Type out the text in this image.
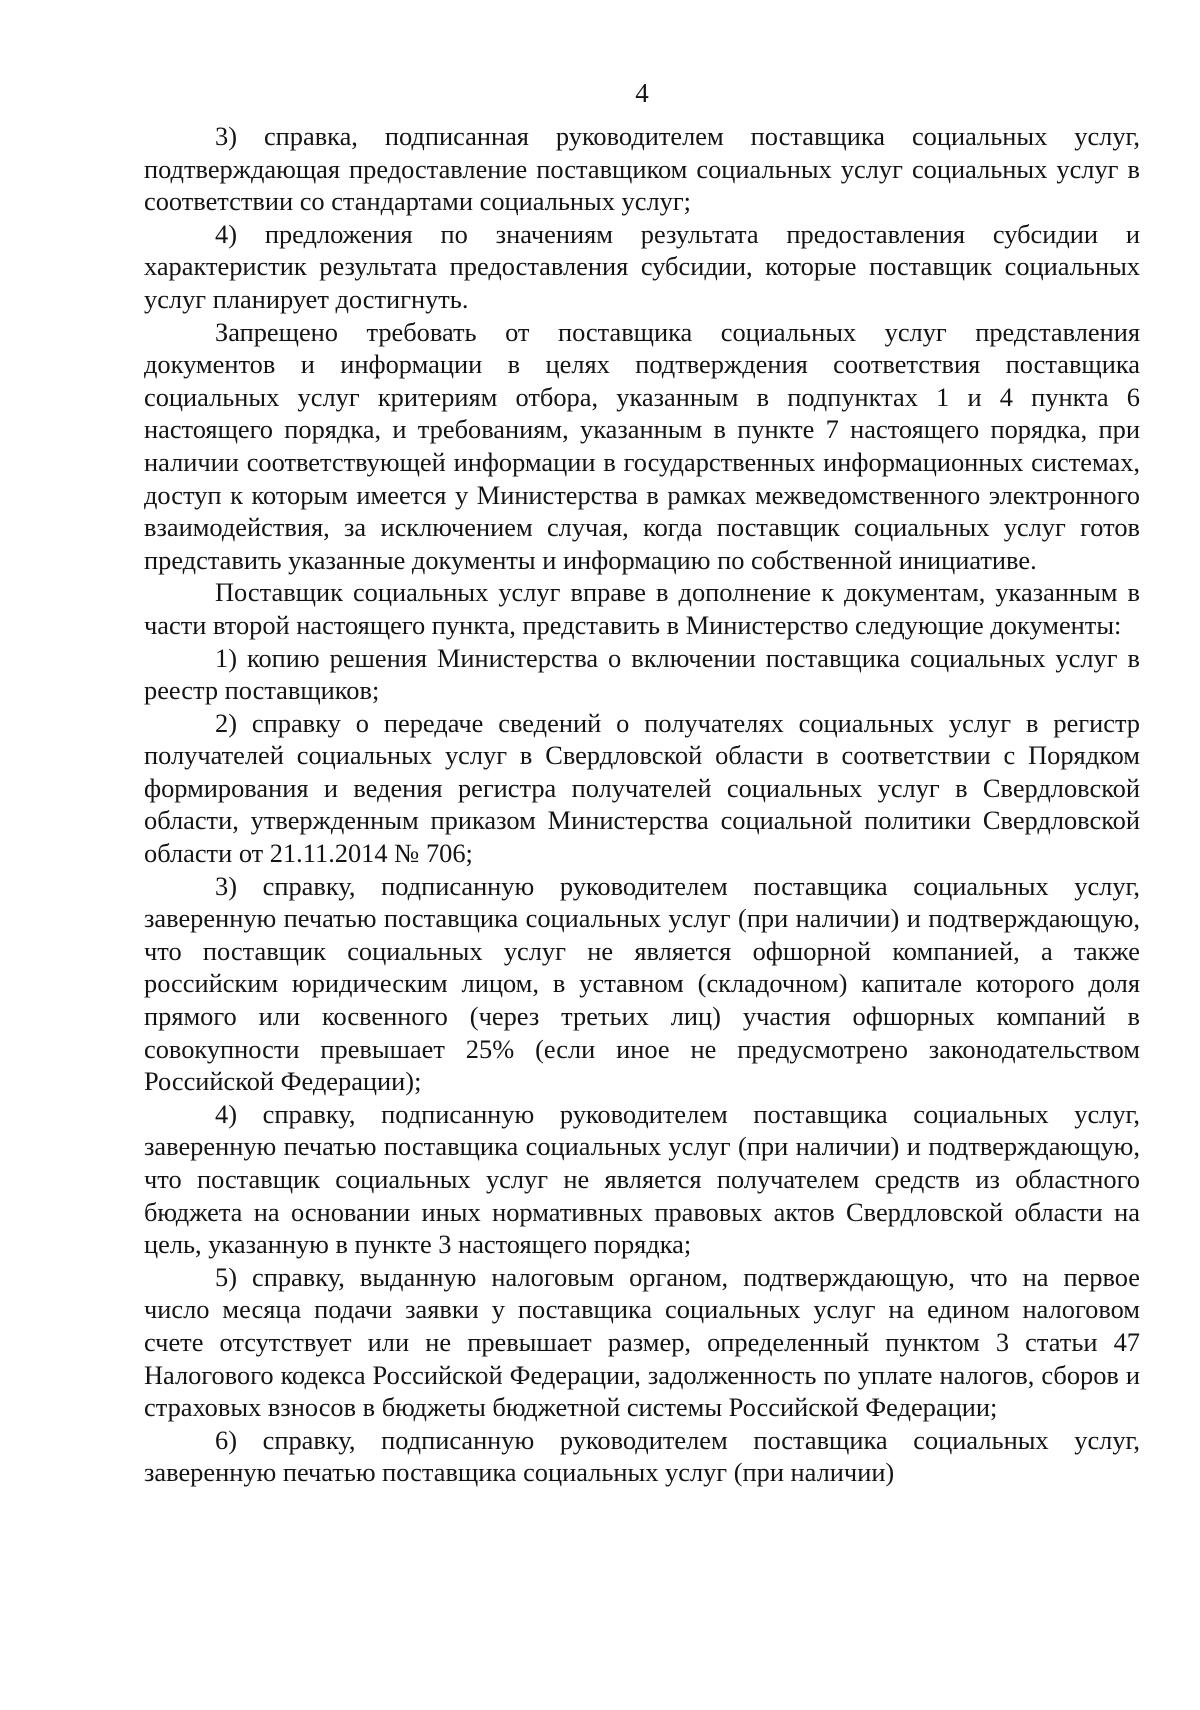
4

3) справка, подписанная руководителем поставщика социальных услуг, подтверждающая предоставление поставщиком социальных услуг социальных услуг в соответствии со стандартами социальных услуг;

4) предложения по значениям результата предоставления субсидии и характеристик результата предоставления субсидии, которые поставщик социальных услуг планирует достигнуть.

Запрещено требовать от поставщика социальных услуг представления документов и информации в целях подтверждения соответствия поставщика социальных услуг критериям отбора, указанным в подпунктах 1 и 4 пункта 6 настоящего порядка, и требованиям, указанным в пункте 7 настоящего порядка, при наличии соответствующей информации в государственных информационных системах, доступ к которым имеется у Министерства в рамках межведомственного электронного взаимодействия, за исключением случая, когда поставщик социальных услуг готов представить указанные документы и информацию по собственной инициативе.

Поставщик социальных услуг вправе в дополнение к документам, указанным в части второй настоящего пункта, представить в Министерство следующие документы:

1) копию решения Министерства о включении поставщика социальных услуг в реестр поставщиков;

2) справку о передаче сведений о получателях социальных услуг в регистр получателей социальных услуг в Свердловской области в соответствии с Порядком формирования и ведения регистра получателей социальных услуг в Свердловской области, утвержденным приказом Министерства социальной политики Свердловской области от 21.11.2014 № 706;

3) справку, подписанную руководителем поставщика социальных услуг, заверенную печатью поставщика социальных услуг (при наличии) и подтверждающую, что поставщик социальных услуг не является офшорной компанией, а также российским юридическим лицом, в уставном (складочном) капитале которого доля прямого или косвенного (через третьих лиц) участия офшорных компаний в совокупности превышает 25% (если иное не предусмотрено законодательством Российской Федерации);

4) справку, подписанную руководителем поставщика социальных услуг, заверенную печатью поставщика социальных услуг (при наличии) и подтверждающую, что поставщик социальных услуг не является получателем средств из областного бюджета на основании иных нормативных правовых актов Свердловской области на цель, указанную в пункте 3 настоящего порядка;

5) справку, выданную налоговым органом, подтверждающую, что на первое число месяца подачи заявки у поставщика социальных услуг на едином налоговом счете отсутствует или не превышает размер, определенный пунктом 3 статьи 47 Налогового кодекса Российской Федерации, задолженность по уплате налогов, сборов и страховых взносов в бюджеты бюджетной системы Российской Федерации;

6) справку, подписанную руководителем поставщика социальных услуг, заверенную печатью поставщика социальных услуг (при наличии)
